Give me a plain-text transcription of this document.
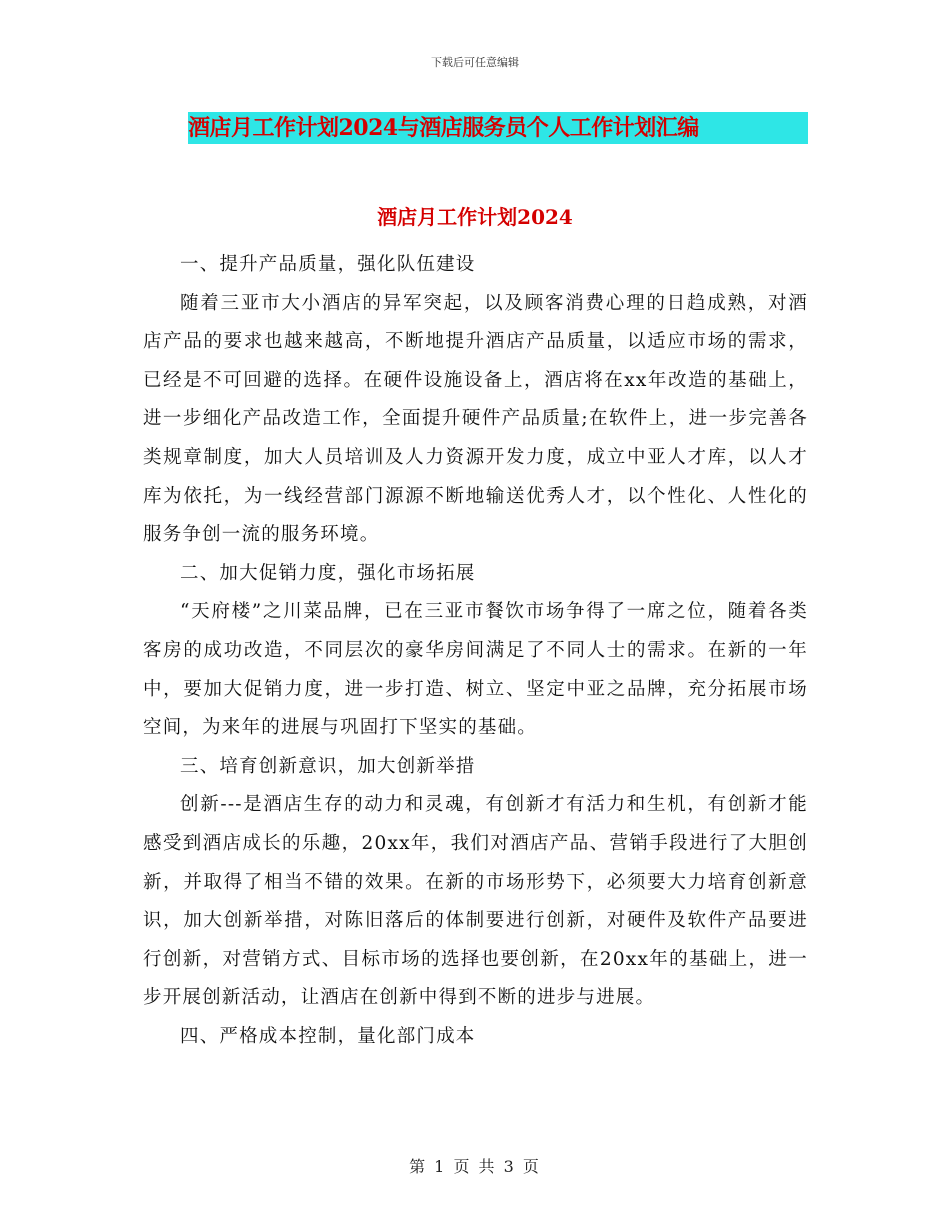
下载后可任意编辑
酒店月工作计划2024与酒店服务员个人工作计划汇编
酒店月工作计划2024

一、提升产品质量，强化队伍建设

随着三亚市大小酒店的异军突起，以及顾客消费心理的日趋成熟，对酒店产品的要求也越来越高，不断地提升酒店产品质量，以适应市场的需求，已经是不可回避的选择。在硬件设施设备上，酒店将在xx年改造的基础上，进一步细化产品改造工作，全面提升硬件产品质量;在软件上，进一步完善各类规章制度，加大人员培训及人力资源开发力度，成立中亚人才库，以人才库为依托，为一线经营部门源源不断地输送优秀人才，以个性化、人性化的服务争创一流的服务环境。

二、加大促销力度，强化市场拓展

“天府楼”之川菜品牌，已在三亚市餐饮市场争得了一席之位，随着各类客房的成功改造，不同层次的豪华房间满足了不同人士的需求。在新的一年中，要加大促销力度，进一步打造、树立、坚定中亚之品牌，充分拓展市场空间，为来年的进展与巩固打下坚实的基础。

三、培育创新意识，加大创新举措

创新---是酒店生存的动力和灵魂，有创新才有活力和生机，有创新才能感受到酒店成长的乐趣，20xx年，我们对酒店产品、营销手段进行了大胆创新，并取得了相当不错的效果。在新的市场形势下，必须要大力培育创新意识，加大创新举措，对陈旧落后的体制要进行创新，对硬件及软件产品要进行创新，对营销方式、目标市场的选择也要创新，在20xx年的基础上，进一步开展创新活动，让酒店在创新中得到不断的进步与进展。

四、严格成本控制，量化部门成本

第 1 页 共 3 页
